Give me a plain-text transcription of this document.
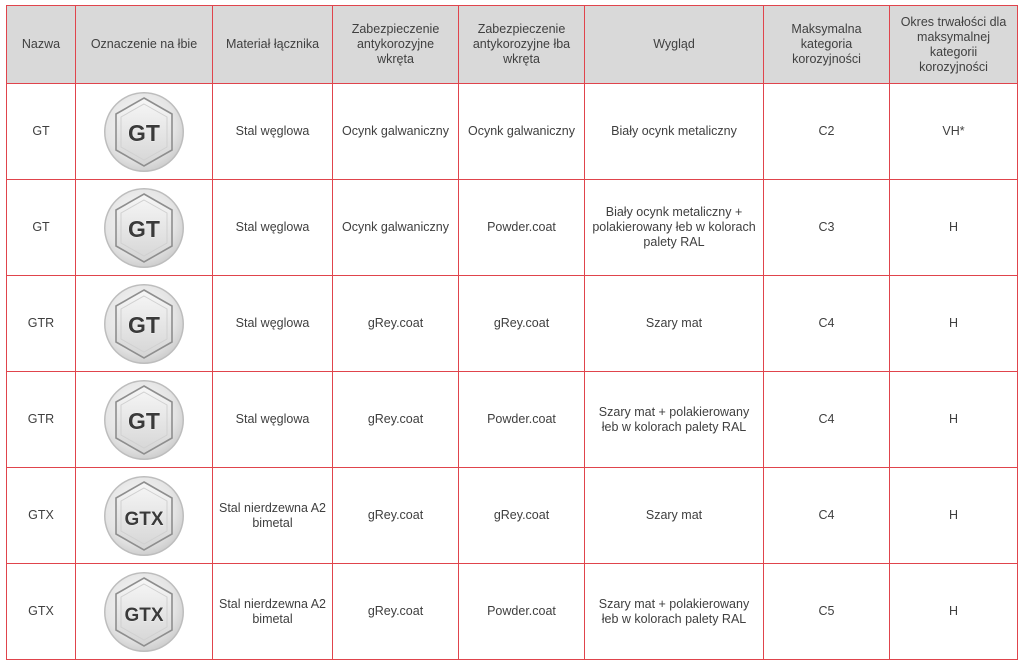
Nazwa	Oznaczenie na łbie	Materiał łącznika	Zabezpieczenie antykorozyjne wkręta	Zabezpieczenie antykorozyjne łba wkręta	Wygląd	Maksymalna kategoria korozyjności	Okres trwałości dla maksymalnej kategorii korozyjności
GT	GT	Stal węglowa	Ocynk galwaniczny	Ocynk galwaniczny	Biały ocynk metaliczny	C2	VH*
GT	GT	Stal węglowa	Ocynk galwaniczny	Powder.coat	Biały ocynk metaliczny + polakierowany łeb w kolorach palety RAL	C3	H
GTR	GT	Stal węglowa	gRey.coat	gRey.coat	Szary mat	C4	H
GTR	GT	Stal węglowa	gRey.coat	Powder.coat	Szary mat + polakierowany łeb w kolorach palety RAL	C4	H
GTX	GTX	Stal nierdzewna A2 bimetal	gRey.coat	gRey.coat	Szary mat	C4	H
GTX	GTX	Stal nierdzewna A2 bimetal	gRey.coat	Powder.coat	Szary mat + polakierowany łeb w kolorach palety RAL	C5	H
